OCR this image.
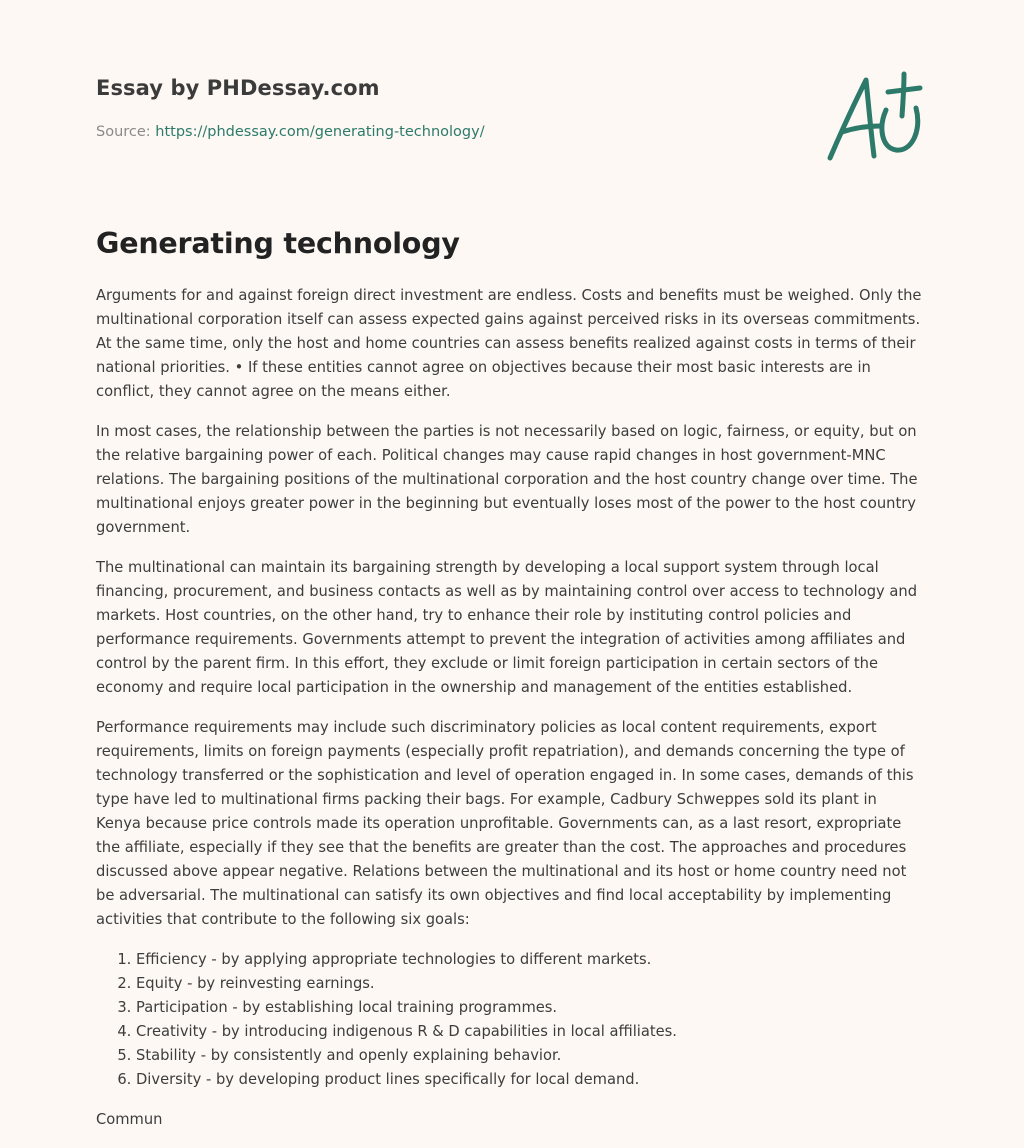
Essay by PHDessay.com
Source: https://phdessay.com/generating-technology/
Generating technology

Arguments for and against foreign direct investment are endless. Costs and benefits must be weighed. Only the multinational corporation itself can assess expected gains against perceived risks in its overseas commitments. At the same time, only the host and home countries can assess benefits realized against costs in terms of their national priorities. • If these entities cannot agree on objectives because their most basic interests are in conflict, they cannot agree on the means either.

In most cases, the relationship between the parties is not necessarily based on logic, fairness, or equity, but on the relative bargaining power of each. Political changes may cause rapid changes in host government-MNC relations. The bargaining positions of the multinational corporation and the host country change over time. The multinational enjoys greater power in the beginning but eventually loses most of the power to the host country government.

The multinational can maintain its bargaining strength by developing a local support system through local financing, procurement, and business contacts as well as by maintaining control over access to technology and markets. Host countries, on the other hand, try to enhance their role by instituting control policies and performance requirements. Governments attempt to prevent the integration of activities among affiliates and control by the parent firm. In this effort, they exclude or limit foreign participation in certain sectors of the economy and require local participation in the ownership and management of the entities established.

Performance requirements may include such discriminatory policies as local content requirements, export requirements, limits on foreign payments (especially profit repatriation), and demands concerning the type of technology transferred or the sophistication and level of operation engaged in. In some cases, demands of this type have led to multinational firms packing their bags. For example, Cadbury Schweppes sold its plant in Kenya because price controls made its operation unprofitable. Governments can, as a last resort, expropriate the affiliate, especially if they see that the benefits are greater than the cost. The approaches and procedures discussed above appear negative. Relations between the multinational and its host or home country need not be adversarial. The multinational can satisfy its own objectives and find local acceptability by implementing activities that contribute to the following six goals:

1. Efficiency - by applying appropriate technologies to different markets.
2. Equity - by reinvesting earnings.
3. Participation - by establishing local training programmes.
4. Creativity - by introducing indigenous R & D capabilities in local affiliates.
5. Stability - by consistently and openly explaining behavior.
6. Diversity - by developing product lines specifically for local demand.

Commun
